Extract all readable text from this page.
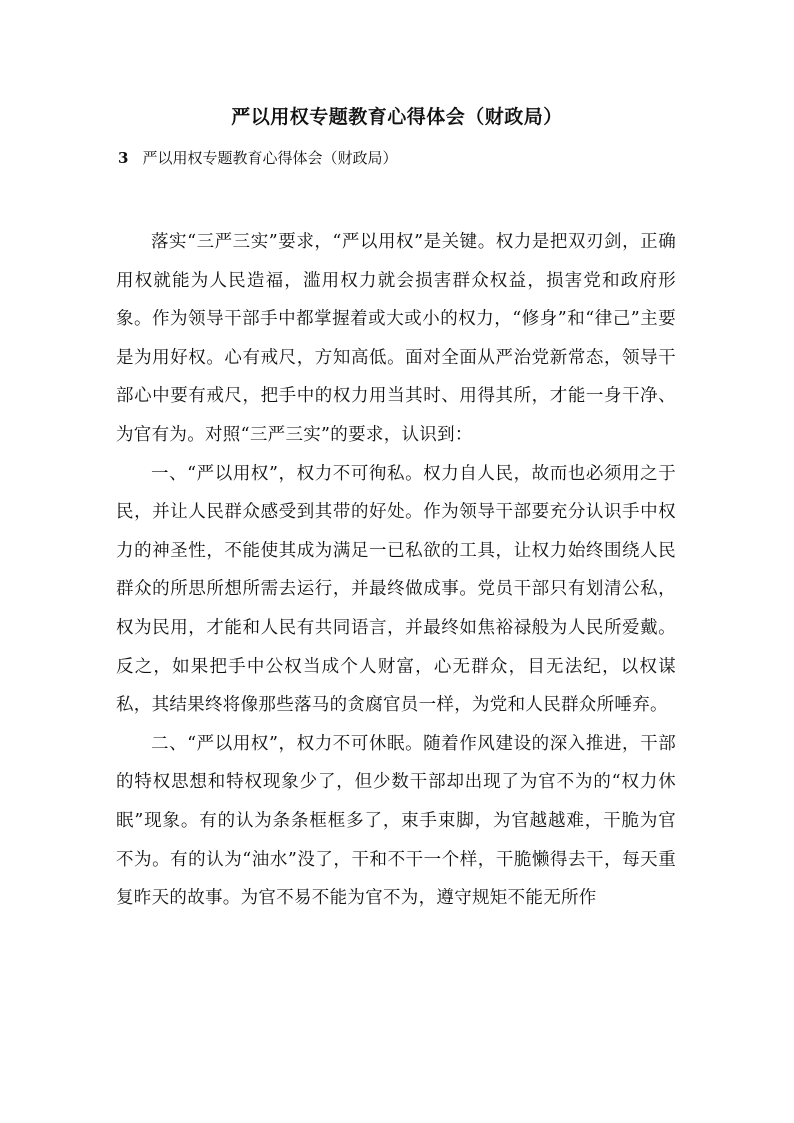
严以用权专题教育心得体会（财政局）
3 严以用权专题教育心得体会（财政局）

落实“三严三实”要求，“严以用权”是关键。权力是把双刃剑，正确用权就能为人民造福，滥用权力就会损害群众权益，损害党和政府形象。作为领导干部手中都掌握着或大或小的权力，“修身”和“律己”主要是为用好权。心有戒尺，方知高低。面对全面从严治党新常态，领导干部心中要有戒尺，把手中的权力用当其时、用得其所，才能一身干净、为官有为。对照“三严三实”的要求，认识到：

一、“严以用权”，权力不可徇私。权力自人民，故而也必须用之于民，并让人民群众感受到其带的好处。作为领导干部要充分认识手中权力的神圣性，不能使其成为满足一已私欲的工具，让权力始终围绕人民群众的所思所想所需去运行，并最终做成事。党员干部只有划清公私，权为民用，才能和人民有共同语言，并最终如焦裕禄般为人民所爱戴。反之，如果把手中公权当成个人财富，心无群众，目无法纪，以权谋私，其结果终将像那些落马的贪腐官员一样，为党和人民群众所唾弃。

二、“严以用权”，权力不可休眠。随着作风建设的深入推进，干部的特权思想和特权现象少了，但少数干部却出现了为官不为的“权力休眠”现象。有的认为条条框框多了，束手束脚，为官越越难，干脆为官不为。有的认为“油水”没了，干和不干一个样，干脆懒得去干，每天重复昨天的故事。为官不易不能为官不为，遵守规矩不能无所作
